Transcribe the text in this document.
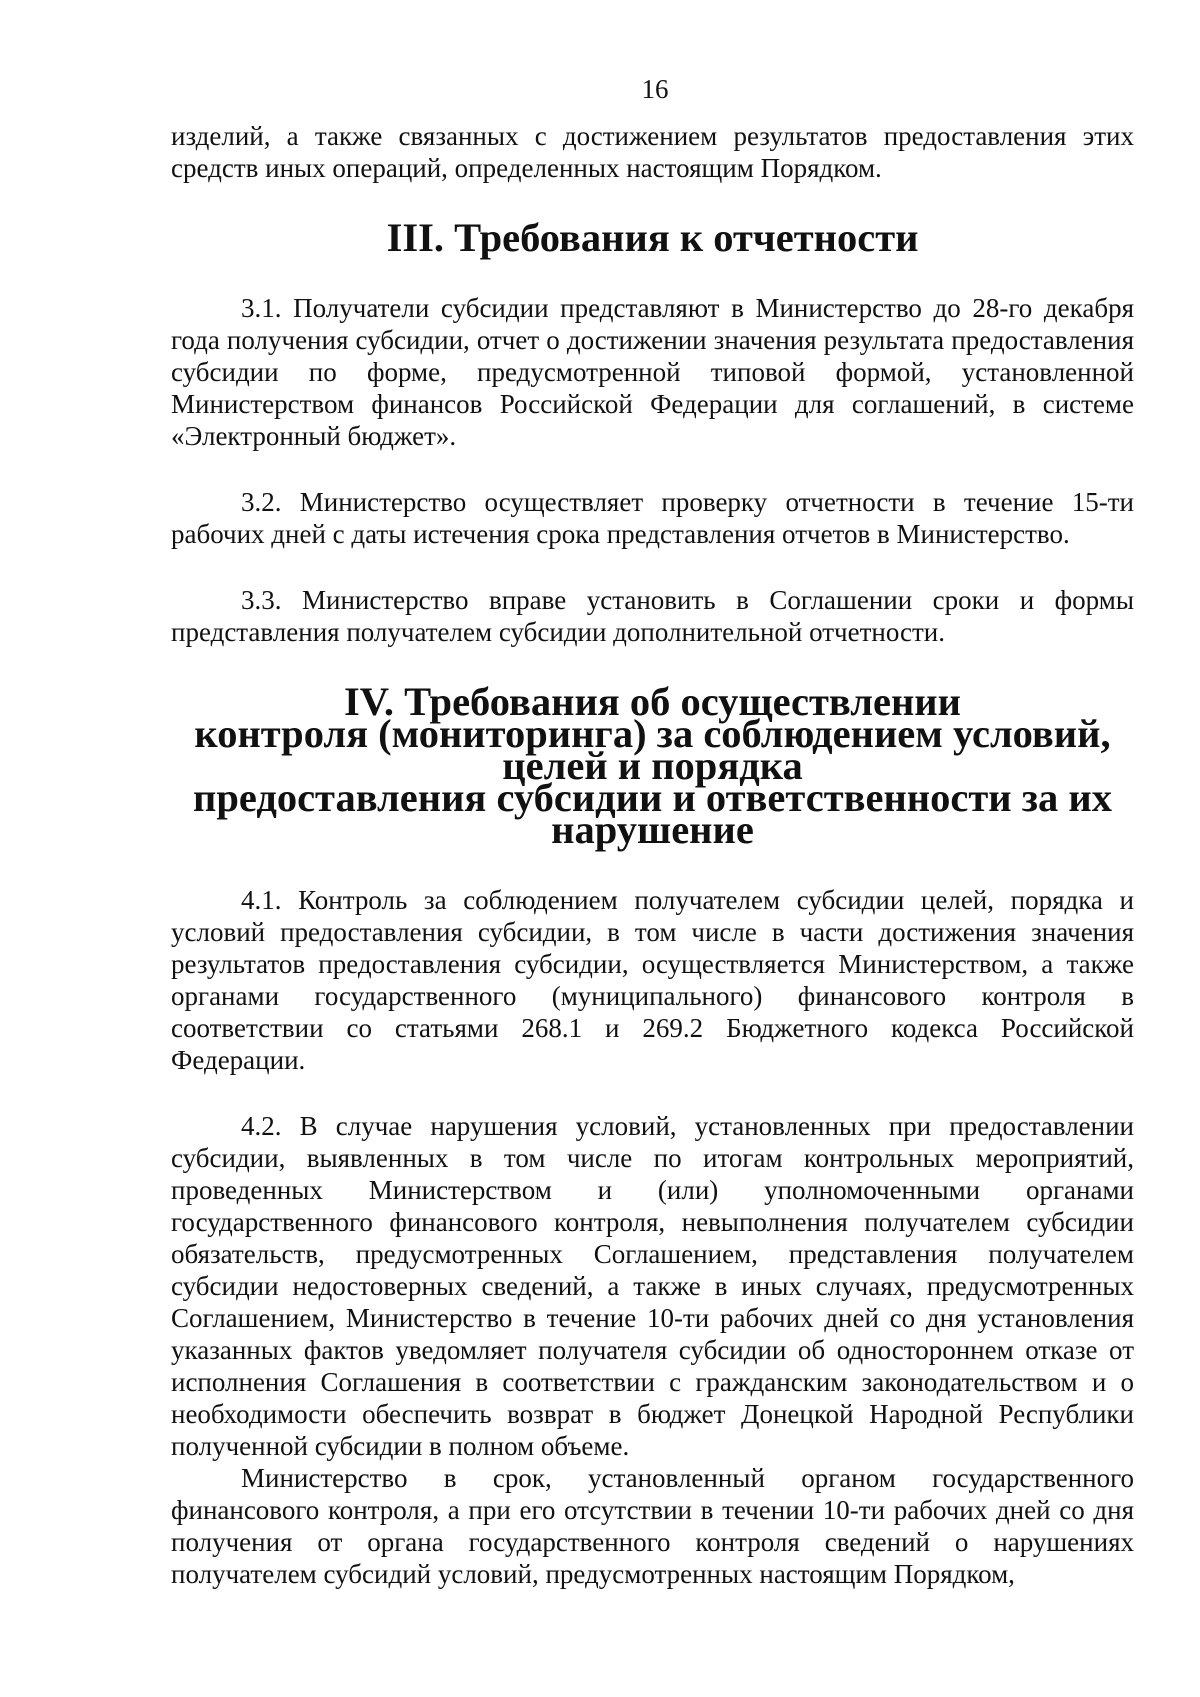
16

изделий, а также связанных с достижением результатов предоставления этих средств иных операций, определенных настоящим Порядком.

III. Требования к отчетности

3.1. Получатели субсидии представляют в Министерство до 28-го декабря года получения субсидии, отчет о достижении значения результата предоставления субсидии по форме, предусмотренной типовой формой, установленной Министерством финансов Российской Федерации для соглашений, в системе «Электронный бюджет».

3.2. Министерство осуществляет проверку отчетности в течение 15-ти рабочих дней с даты истечения срока представления отчетов в Министерство.

3.3. Министерство вправе установить в Соглашении сроки и формы представления получателем субсидии дополнительной отчетности.

IV. Требования об осуществлении
контроля (мониторинга) за соблюдением условий, целей и порядка
предоставления субсидии и ответственности за их нарушение

4.1. Контроль за соблюдением получателем субсидии целей, порядка и условий предоставления субсидии, в том числе в части достижения значения результатов предоставления субсидии, осуществляется Министерством, а также органами государственного (муниципального) финансового контроля в соответствии со статьями 268.1 и 269.2 Бюджетного кодекса Российской Федерации.

4.2. В случае нарушения условий, установленных при предоставлении субсидии, выявленных в том числе по итогам контрольных мероприятий, проведенных Министерством и (или) уполномоченными органами государственного финансового контроля, невыполнения получателем субсидии обязательств, предусмотренных Соглашением, представления получателем субсидии недостоверных сведений, а также в иных случаях, предусмотренных Соглашением, Министерство в течение 10-ти рабочих дней со дня установления указанных фактов уведомляет получателя субсидии об одностороннем отказе от исполнения Соглашения в соответствии с гражданским законодательством и о необходимости обеспечить возврат в бюджет Донецкой Народной Республики полученной субсидии в полном объеме.

Министерство в срок, установленный органом государственного финансового контроля, а при его отсутствии в течении 10-ти рабочих дней со дня получения от органа государственного контроля сведений о нарушениях получателем субсидий условий, предусмотренных настоящим Порядком,
